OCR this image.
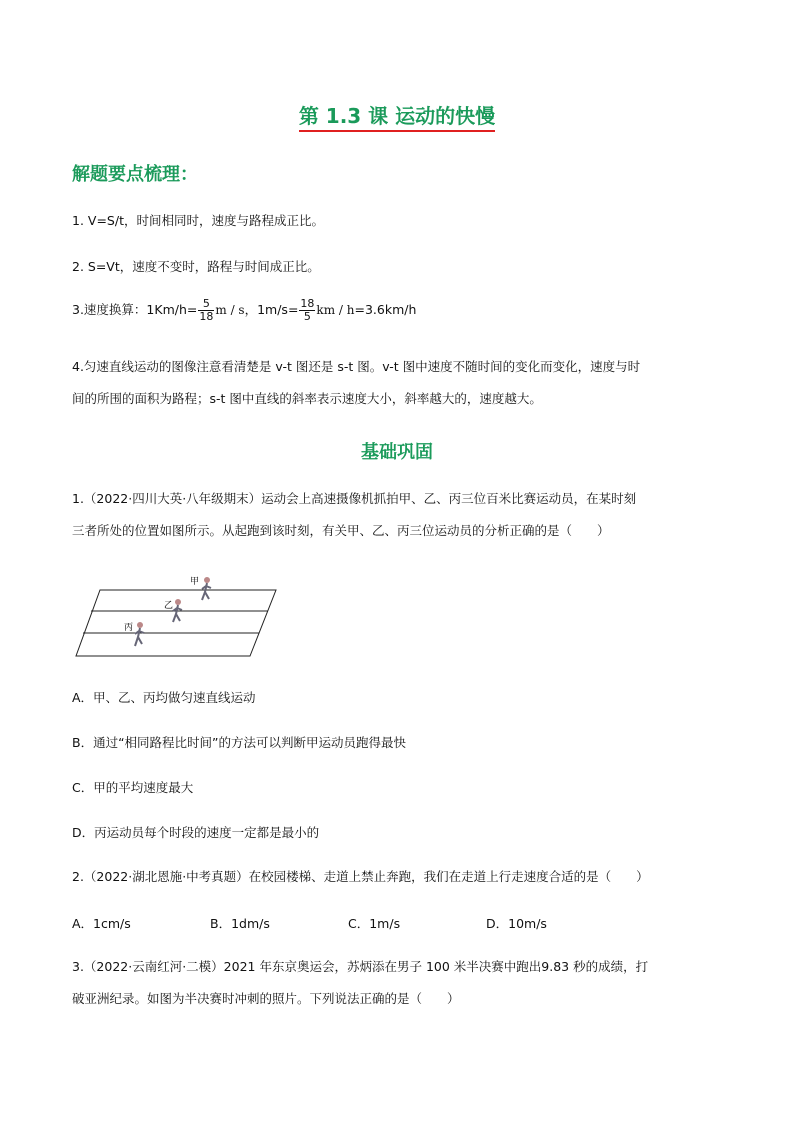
第 1.3 课 运动的快慢
解题要点梳理：
1. V=S/t，时间相同时，速度与路程成正比。
2. S=Vt，速度不变时，路程与时间成正比。
3.速度换算：$1Km/h= \frac{5}{18}$ m / s，$1m/s= \frac{18}{5}$ km / h=3.6km/h
4.匀速直线运动的图像注意看清楚是 v-t 图还是 s-t 图。v-t 图中速度不随时间的变化而变化，速度与时
间的所围的面积为路程；s-t 图中直线的斜率表示速度大小，斜率越大的，速度越大。
基础巩固
1.（2022·四川大英·八年级期末）运动会上高速摄像机抓拍甲、乙、丙三位百米比赛运动员，在某时刻
三者所处的位置如图所示。从起跑到该时刻，有关甲、乙、丙三位运动员的分析正确的是（　　）
甲
乙
丙
A．甲、乙、丙均做匀速直线运动
B．通过“相同路程比时间”的方法可以判断甲运动员跑得最快
C．甲的平均速度最大
D．丙运动员每个时段的速度一定都是最小的
2.（2022·湖北恩施·中考真题）在校园楼梯、走道上禁止奔跑，我们在走道上行走速度合适的是（　　）
A．1cm/s	B．1dm/s	C．1m/s	D．10m/s
3.（2022·云南红河·二模）2021 年东京奥运会，苏炳添在男子 100 米半决赛中跑出9.83 秒的成绩，打
破亚洲纪录。如图为半决赛时冲刺的照片。下列说法正确的是（　　）
